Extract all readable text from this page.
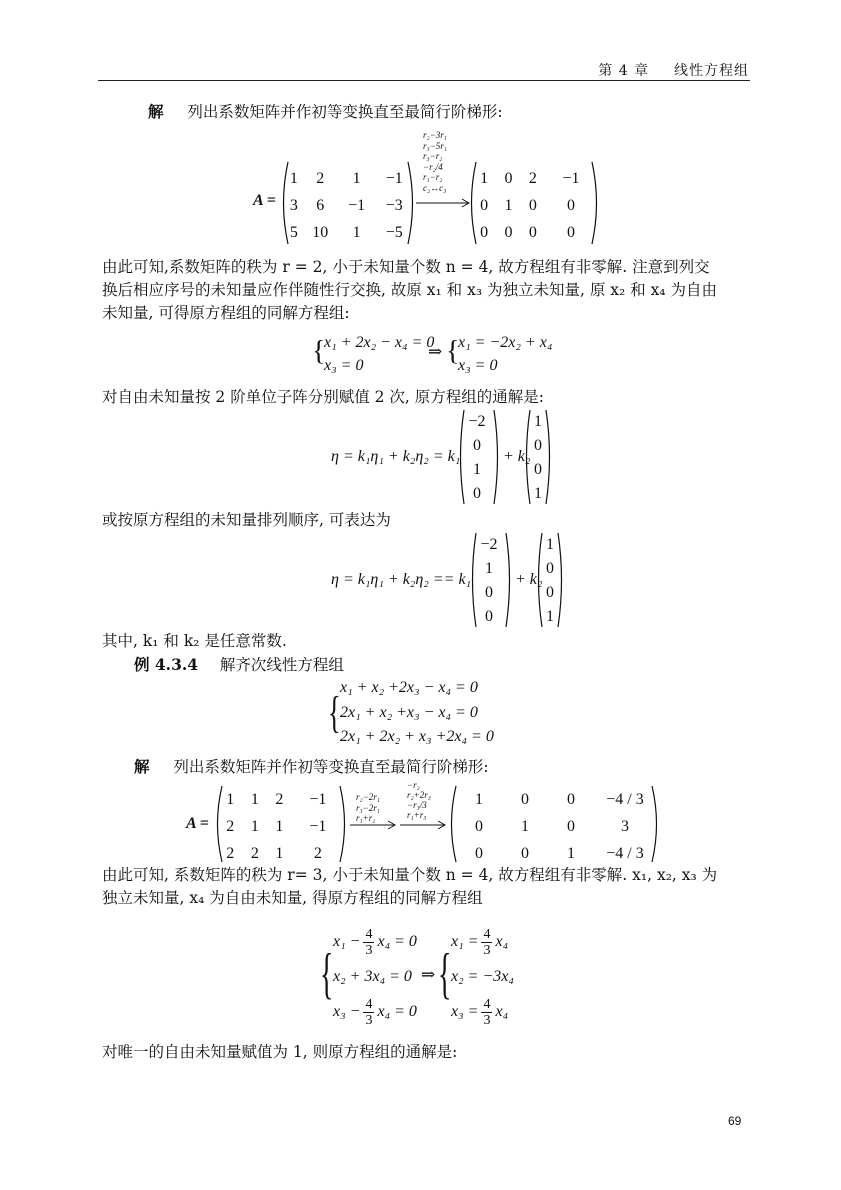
第 4 章 线性方程组
解 列出系数矩阵并作初等变换直至最简行阶梯形:
A =
1	2	1	−1
3	6	−1	−3
5	10	1	−5
r₂−3r₁
r₃−5r₁
r₃−r₂
−r₂/4
r₁−r₂
c₂↔c₃
1	0	2	−1
0	1	0	0
0	0	0	0
由此可知,系数矩阵的秩为 r = 2, 小于未知量个数 n = 4, 故方程组有非零解. 注意到列交
换后相应序号的未知量应作伴随性行交换, 故原 x₁ 和 x₃ 为独立未知量, 原 x₂ 和 x₄ 为自由
未知量, 可得原方程组的同解方程组:
{
x₁ + 2x₂ − x₄ = 0
x₃ = 0
⇒ {
x₁ = −2x₂ + x₄
x₃ = 0
对自由未知量按 2 阶单位子阵分别赋值 2 次, 原方程组的通解是:
η = k₁η₁ + k₂η₂ = k₁
−2
0
1
0
+ k₂
1
0
0
1
或按原方程组的未知量排列顺序, 可表达为
η = k₁η₁ + k₂η₂ == k₁
−2
1
0
0
+ k₂
1
0
0
1
其中, k₁ 和 k₂ 是任意常数.
例 4.3.4 解齐次线性方程组
{
x₁ + x₂ +2x₃ − x₄ = 0
2x₁ + x₂ +x₃ − x₄ = 0
2x₁ + 2x₂ + x₃ +2x₄ = 0
解 列出系数矩阵并作初等变换直至最简行阶梯形:
A =
1	1	2	−1
2	1	1	−1
2	2	1	2
r₂−2r₁
r₃−2r₁
r₁+r₂
−r₂
r₂+2r₃
−r₃/3
r₁+r₃
1	0	0	−4 / 3
0	1	0	3
0	0	1	−4 / 3
由此可知, 系数矩阵的秩为 r= 3, 小于未知量个数 n = 4, 故方程组有非零解. x₁, x₂, x₃ 为
独立未知量, x₄ 为自由未知量, 得原方程组的同解方程组
{
$x_1 - \frac{4}{3} x_4 = 0$
x₂ + 3x₄ = 0
$x_3 - \frac{4}{3} x_4 = 0$
⇒ {
$x_1 = \frac{4}{3} x_4$
x₂ = −3x₄
$x_3 = \frac{4}{3} x_4$
对唯一的自由未知量赋值为 1, 则原方程组的通解是:
69
